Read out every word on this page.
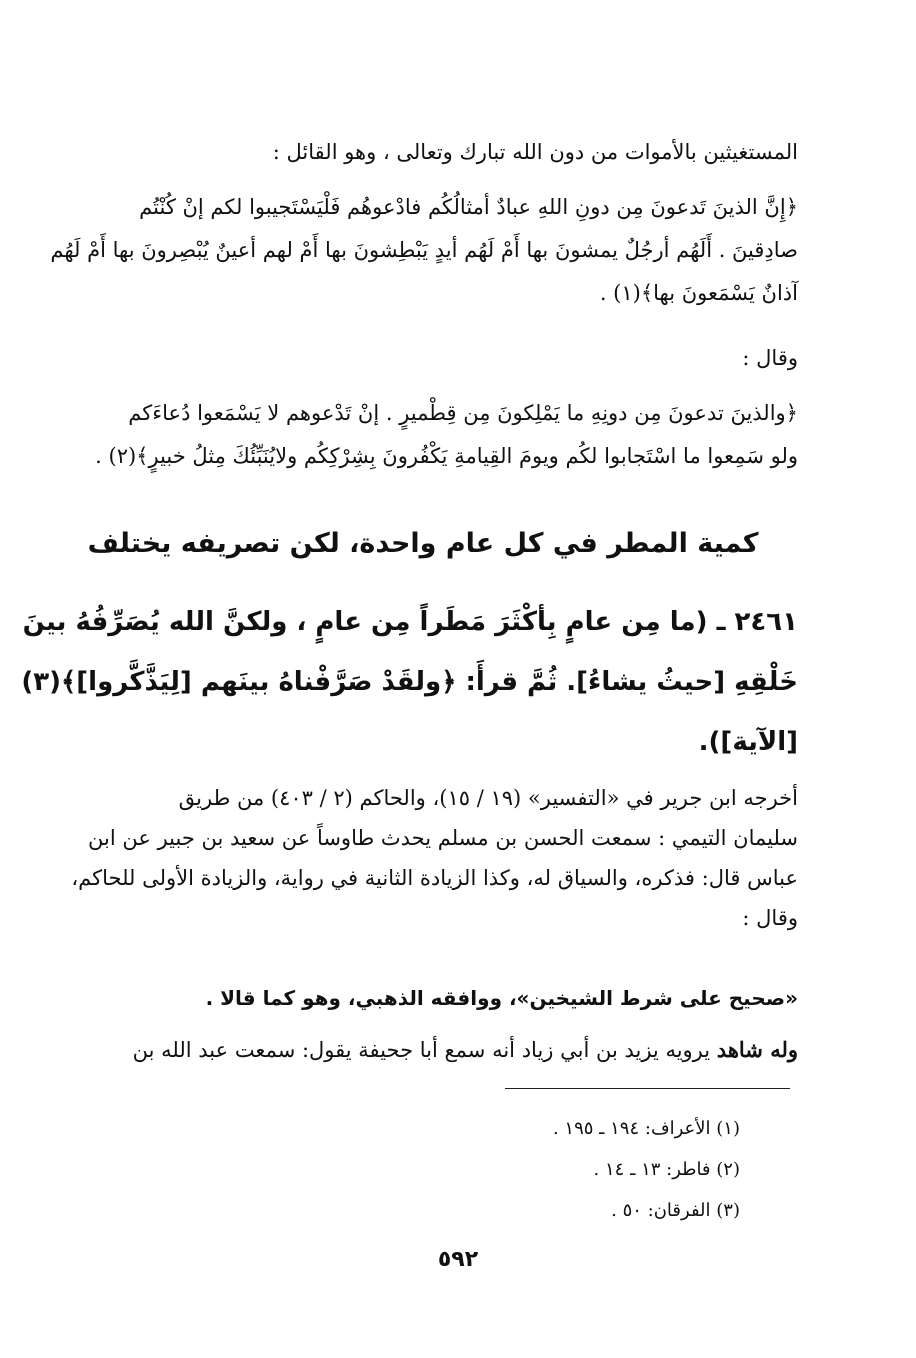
المستغيثين بالأموات من دون الله تبارك وتعالى ، وهو القائل :
﴿إِنَّ الذينَ تَدعونَ مِن دونِ اللهِ عبادٌ أمثالُكُم فادْعوهُم فَلْيَسْتَجيبوا لكم إنْ كُنْتُم
صادِقينَ . أَلَهُم أرجُلٌ يمشونَ بها أَمْ لَهُم أيدٍ يَبْطِشونَ بها أَمْ لهم أعينٌ يُبْصِرونَ بها أَمْ لَهُم
آذانٌ يَسْمَعونَ بها﴾(١) .
وقال :
﴿والذينَ تدعونَ مِن دونِهِ ما يَمْلِكونَ مِن قِطْميرٍ . إنْ تَدْعوهم لا يَسْمَعوا دُعاءَكم
ولو سَمِعوا ما اسْتَجابوا لكُم ويومَ القِيامةِ يَكْفُرونَ بِشِرْكِكُم ولايُنَبِّئُكَ مِثلُ خبيرٍ﴾(٢) .
كمية المطر في كل عام واحدة، لكن تصريفه يختلف
٢٤٦١ ـ (ما مِن عامٍ بِأكْثَرَ مَطَراً مِن عامٍ ، ولكنَّ الله يُصَرِّفُهُ بينَ
خَلْقِهِ [حيثُ يشاءُ]. ثُمَّ قرأَ: ﴿ولقَدْ صَرَّفْناهُ بينَهم [لِيَذَّكَّروا]﴾(٣)
[الآية]).
أخرجه ابن جرير في «التفسير» (١٩ / ١٥)، والحاكم (٢ / ٤٠٣) من طريق
سليمان التيمي : سمعت الحسن بن مسلم يحدث طاوساً عن سعيد بن جبير عن ابن
عباس قال: فذكره، والسياق له، وكذا الزيادة الثانية في رواية، والزيادة الأولى للحاكم،
وقال :
«صحيح على شرط الشيخين»، ووافقه الذهبي، وهو كما قالا .
وله شاهد يرويه يزيد بن أبي زياد أنه سمع أبا جحيفة يقول: سمعت عبد الله بن
(١) الأعراف: ١٩٤ ـ ١٩٥ .
(٢) فاطر: ١٣ ـ ١٤ .
(٣) الفرقان: ٥٠ .
٥٩٢
